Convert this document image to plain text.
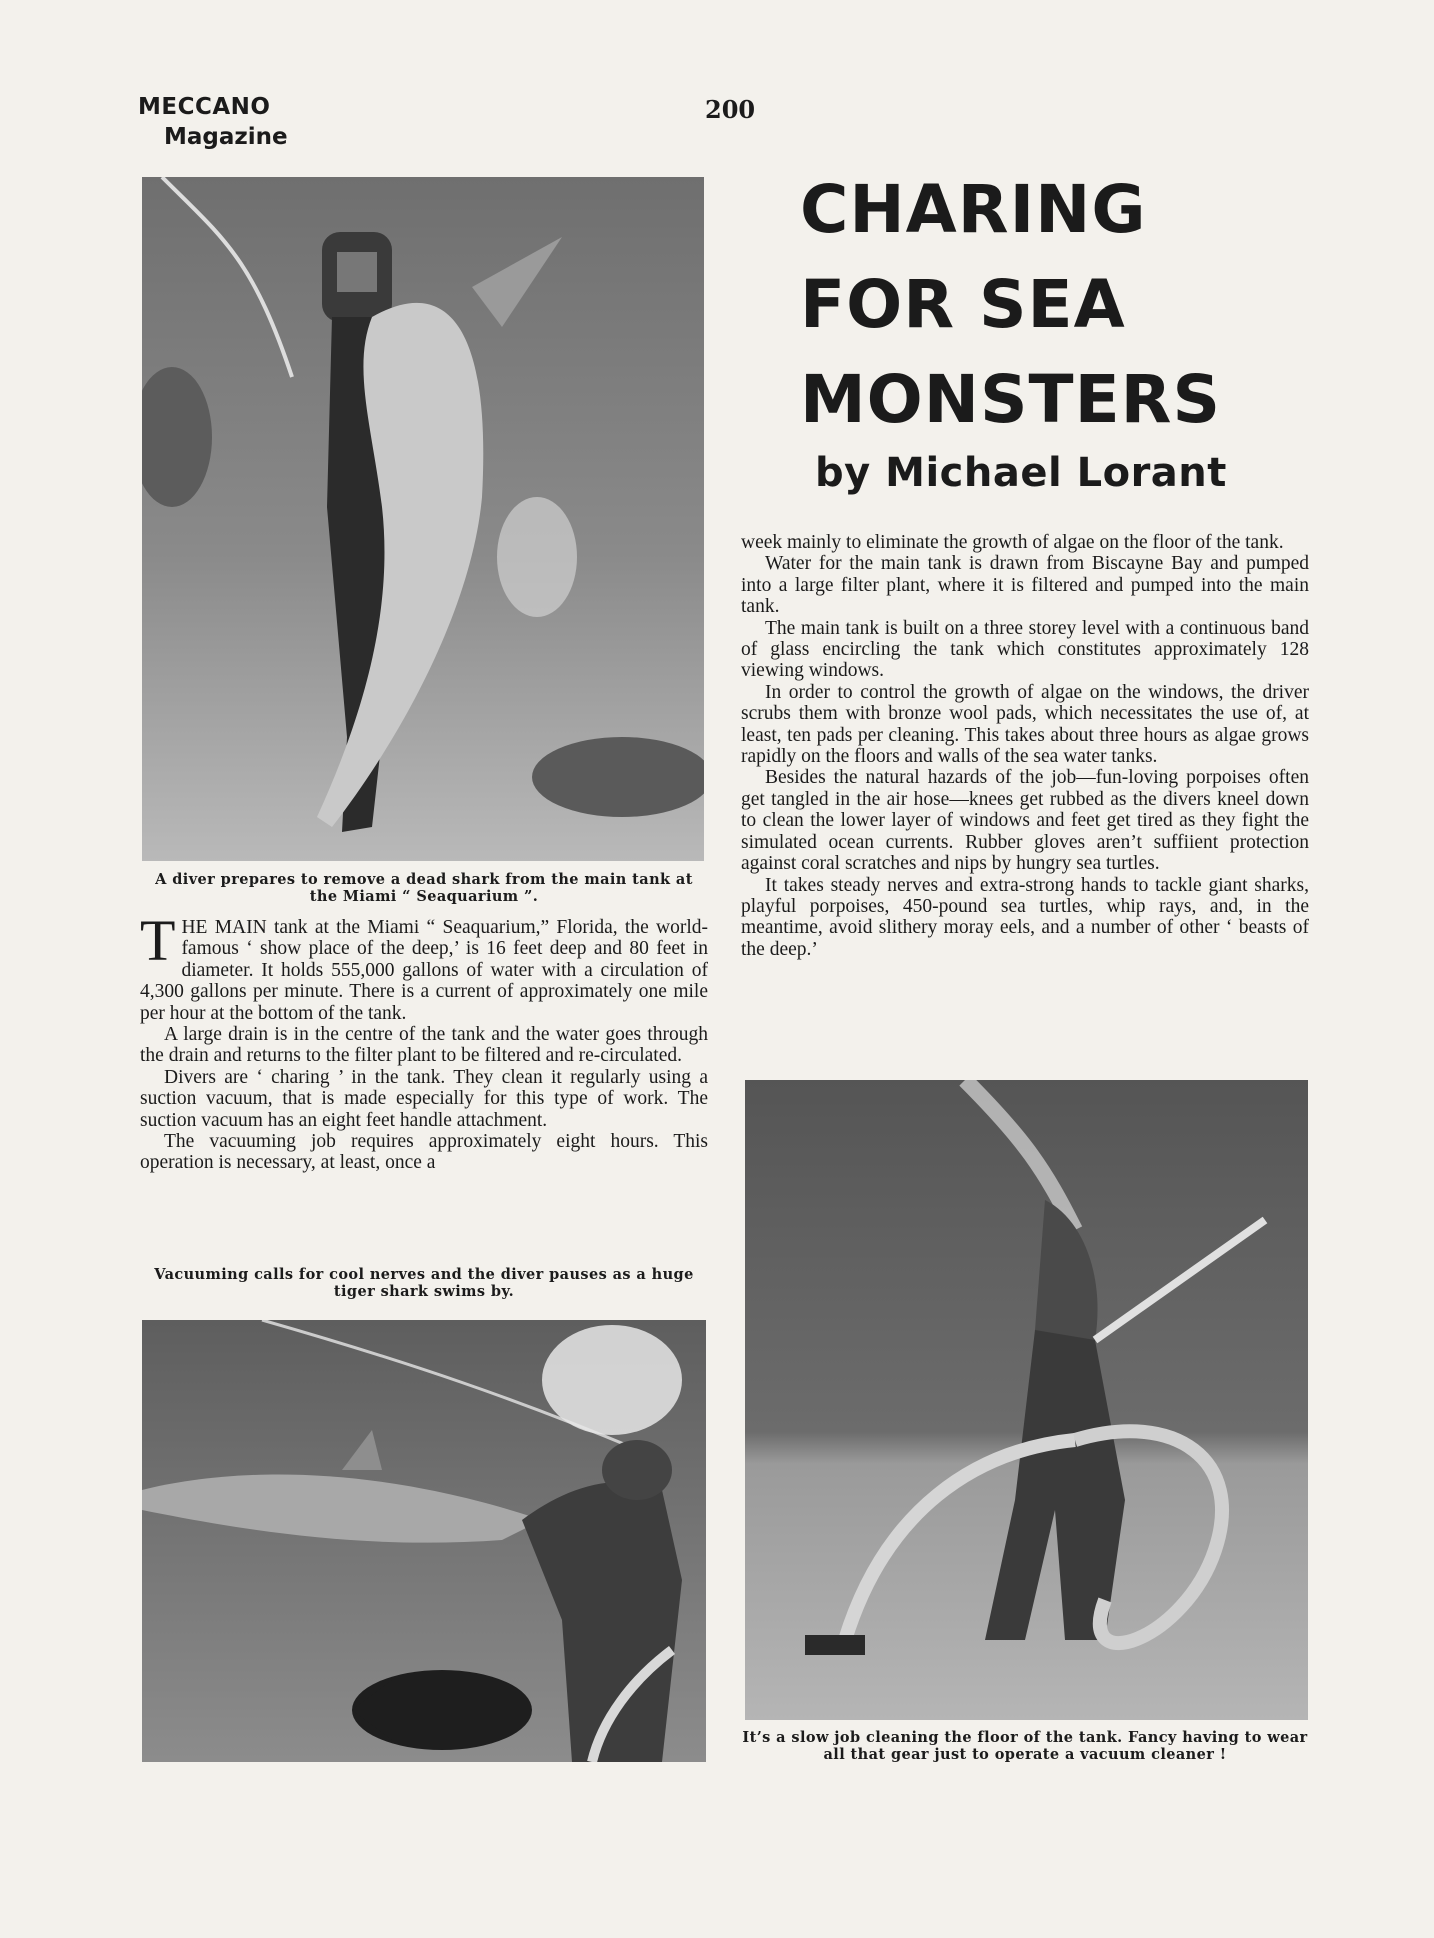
MECCANO
Magazine
200
CHARING
FOR SEA
MONSTERS
by Michael Lorant
A diver prepares to remove a dead shark from the main tank at the Miami “ Seaquarium ”.

THE MAIN tank at the Miami “ Seaquarium,” Florida, the world-famous ‘ show place of the deep,’ is 16 feet deep and 80 feet in diameter. It holds 555,000 gallons of water with a circulation of 4,300 gallons per minute. There is a current of approximately one mile per hour at the bottom of the tank.

A large drain is in the centre of the tank and the water goes through the drain and returns to the filter plant to be filtered and re-circulated.

Divers are ‘ charing ’ in the tank. They clean it regularly using a suction vacuum, that is made especially for this type of work. The suction vacuum has an eight feet handle attachment.

The vacuuming job requires approximately eight hours. This operation is necessary, at least, once a

Vacuuming calls for cool nerves and the diver pauses as a huge tiger shark swims by.

week mainly to eliminate the growth of algae on the floor of the tank.

Water for the main tank is drawn from Biscayne Bay and pumped into a large filter plant, where it is filtered and pumped into the main tank.

The main tank is built on a three storey level with a continuous band of glass encircling the tank which constitutes approximately 128 viewing windows.

In order to control the growth of algae on the windows, the driver scrubs them with bronze wool pads, which necessitates the use of, at least, ten pads per cleaning. This takes about three hours as algae grows rapidly on the floors and walls of the sea water tanks.

Besides the natural hazards of the job—fun-loving porpoises often get tangled in the air hose—knees get rubbed as the divers kneel down to clean the lower layer of windows and feet get tired as they fight the simulated ocean currents. Rubber gloves aren’t suffiient protection against coral scratches and nips by hungry sea turtles.

It takes steady nerves and extra-strong hands to tackle giant sharks, playful porpoises, 450-pound sea turtles, whip rays, and, in the meantime, avoid slithery moray eels, and a number of other ‘ beasts of the deep.’

It’s a slow job cleaning the floor of the tank. Fancy having to wear all that gear just to operate a vacuum cleaner !
